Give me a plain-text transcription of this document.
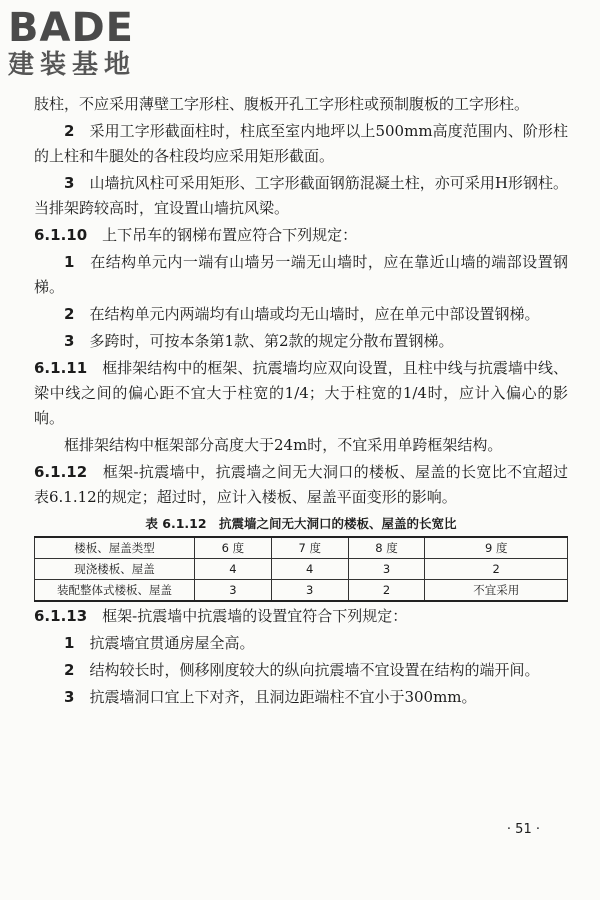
BADE
建装基地

肢柱，不应采用薄壁工字形柱、腹板开孔工字形柱或预制腹板的工字形柱。

2　 采用工字形截面柱时，柱底至室内地坪以上500mm高度范围内、阶形柱的上柱和牛腿处的各柱段均应采用矩形截面。

3　 山墙抗风柱可采用矩形、工字形截面钢筋混凝土柱，亦可采用H形钢柱。当排架跨较高时，宜设置山墙抗风梁。

6.1.10　 上下吊车的钢梯布置应符合下列规定：

1　 在结构单元内一端有山墙另一端无山墙时，应在靠近山墙的端部设置钢梯。

2　 在结构单元内两端均有山墙或均无山墙时，应在单元中部设置钢梯。

3　 多跨时，可按本条第1款、第2款的规定分散布置钢梯。

6.1.11　 框排架结构中的框架、抗震墙均应双向设置，且柱中线与抗震墙中线、梁中线之间的偏心距不宜大于柱宽的1/4；大于柱宽的1/4时，应计入偏心的影响。

框排架结构中框架部分高度大于24m时，不宜采用单跨框架结构。

6.1.12　 框架-抗震墙中，抗震墙之间无大洞口的楼板、屋盖的长宽比不宜超过表6.1.12的规定；超过时，应计入楼板、屋盖平面变形的影响。

表 6.1.12　抗震墙之间无大洞口的楼板、屋盖的长宽比
楼板、屋盖类型	6 度	7 度	8 度	9 度
现浇楼板、屋盖	4	4	3	2
装配整体式楼板、屋盖	3	3	2	不宜采用

6.1.13　 框架-抗震墙中抗震墙的设置宜符合下列规定：

1　 抗震墙宜贯通房屋全高。

2　 结构较长时，侧移刚度较大的纵向抗震墙不宜设置在结构的端开间。

3　 抗震墙洞口宜上下对齐，且洞边距端柱不宜小于300mm。

· 51 ·
